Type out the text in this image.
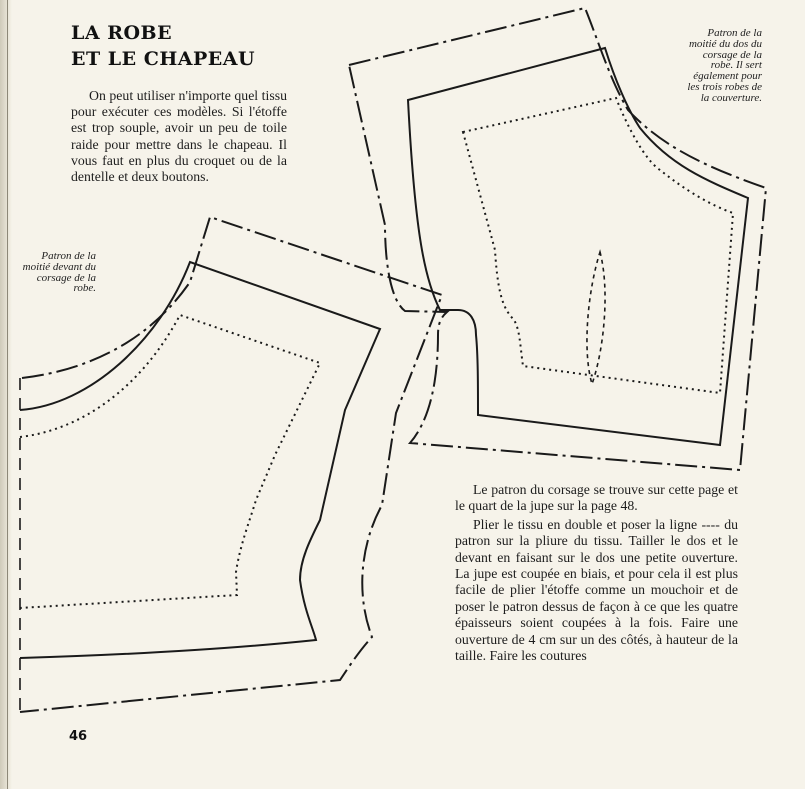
LA ROBE
ET LE CHAPEAU

On peut utiliser n'importe quel tissu pour exécuter ces modèles. Si l'étoffe est trop souple, avoir un peu de toile raide pour mettre dans le chapeau. Il vous faut en plus du croquet ou de la dentelle et deux boutons.

Patron de la moitié devant du corsage de la robe.

Patron de la moitié du dos du corsage de la robe. Il sert également pour les trois robes de la couverture.

Le patron du corsage se trouve sur cette page et le quart de la jupe sur la page 48.

Plier le tissu en double et poser la ligne ---- du patron sur la pliure du tissu. Tailler le dos et le devant en faisant sur le dos une petite ouverture. La jupe est coupée en biais, et pour cela il est plus facile de plier l'étoffe comme un mouchoir et de poser le patron dessus de façon à ce que les quatre épaisseurs soient coupées à la fois. Faire une ouverture de 4 cm sur un des côtés, à hauteur de la taille. Faire les coutures

46
